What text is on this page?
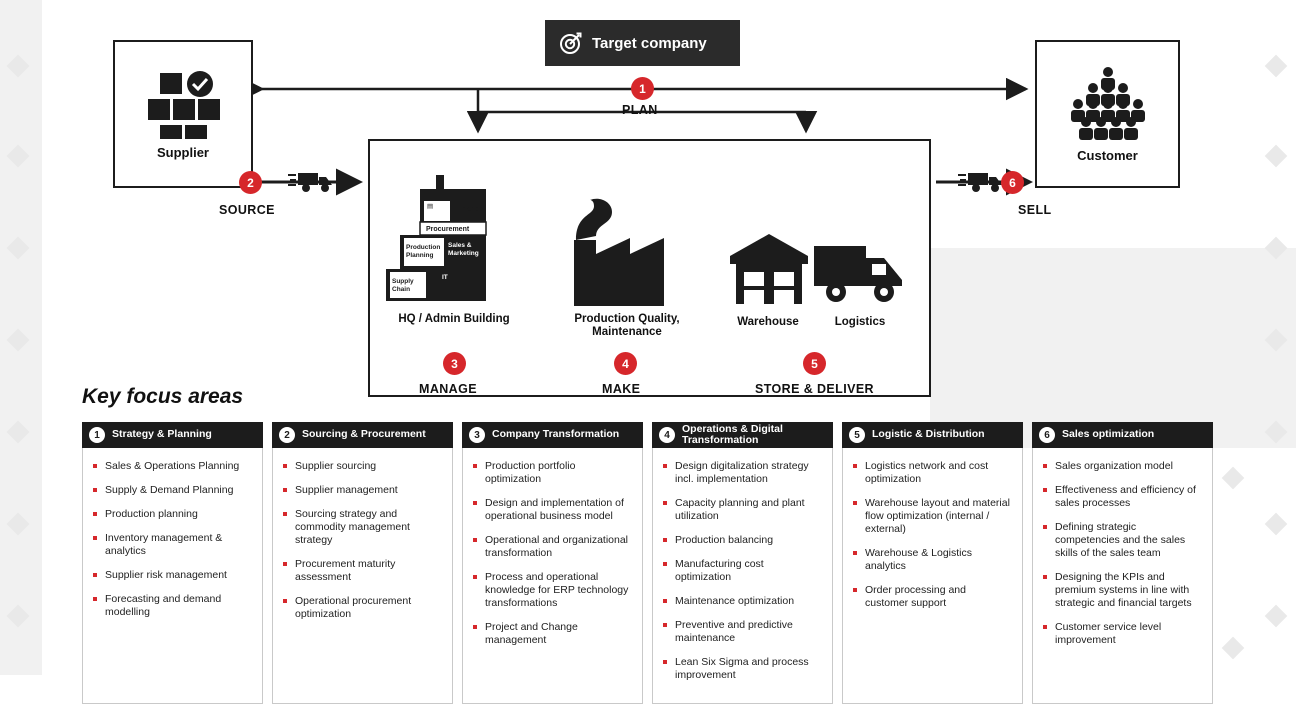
Target company
Supplier	Customer
▤	Finance
Procurement
Production
Planning
Sales &
Marketing
Supply
Chain
IT
HQ / Admin Building	Production Quality, Maintenance
Warehouse	Logistics
1
PLAN
2
SOURCE
3
MANAGE
4
MAKE
5
STORE & DELIVER
6
SELL
Key focus areas
1	Strategy & Planning
Sales & Operations Planning
Supply & Demand Planning
Production planning
Inventory management & analytics
Supplier risk management
Forecasting and demand modelling
2	Sourcing & Procurement
Supplier sourcing
Supplier management
Sourcing strategy and commodity management strategy
Procurement maturity assessment
Operational procurement optimization
3	Company Transformation
Production portfolio optimization
Design and implementation of operational business model
Operational and organizational transformation
Process and operational knowledge for ERP technology transformations
Project and Change management
4
Operations & Digital Transformation
Design digitalization strategy incl. implementation
Capacity planning and plant utilization
Production balancing
Manufacturing cost optimization
Maintenance optimization
Preventive and predictive maintenance
Lean Six Sigma and process improvement
5	Logistic & Distribution
Logistics network and cost optimization
Warehouse layout and material flow optimization (internal / external)
Warehouse & Logistics analytics
Order processing and customer support
6	Sales optimization
Sales organization model
Effectiveness and efficiency of sales processes
Defining strategic competencies and the sales skills of the sales team
Designing the KPIs and premium systems in line with strategic and financial targets
Customer service level improvement
